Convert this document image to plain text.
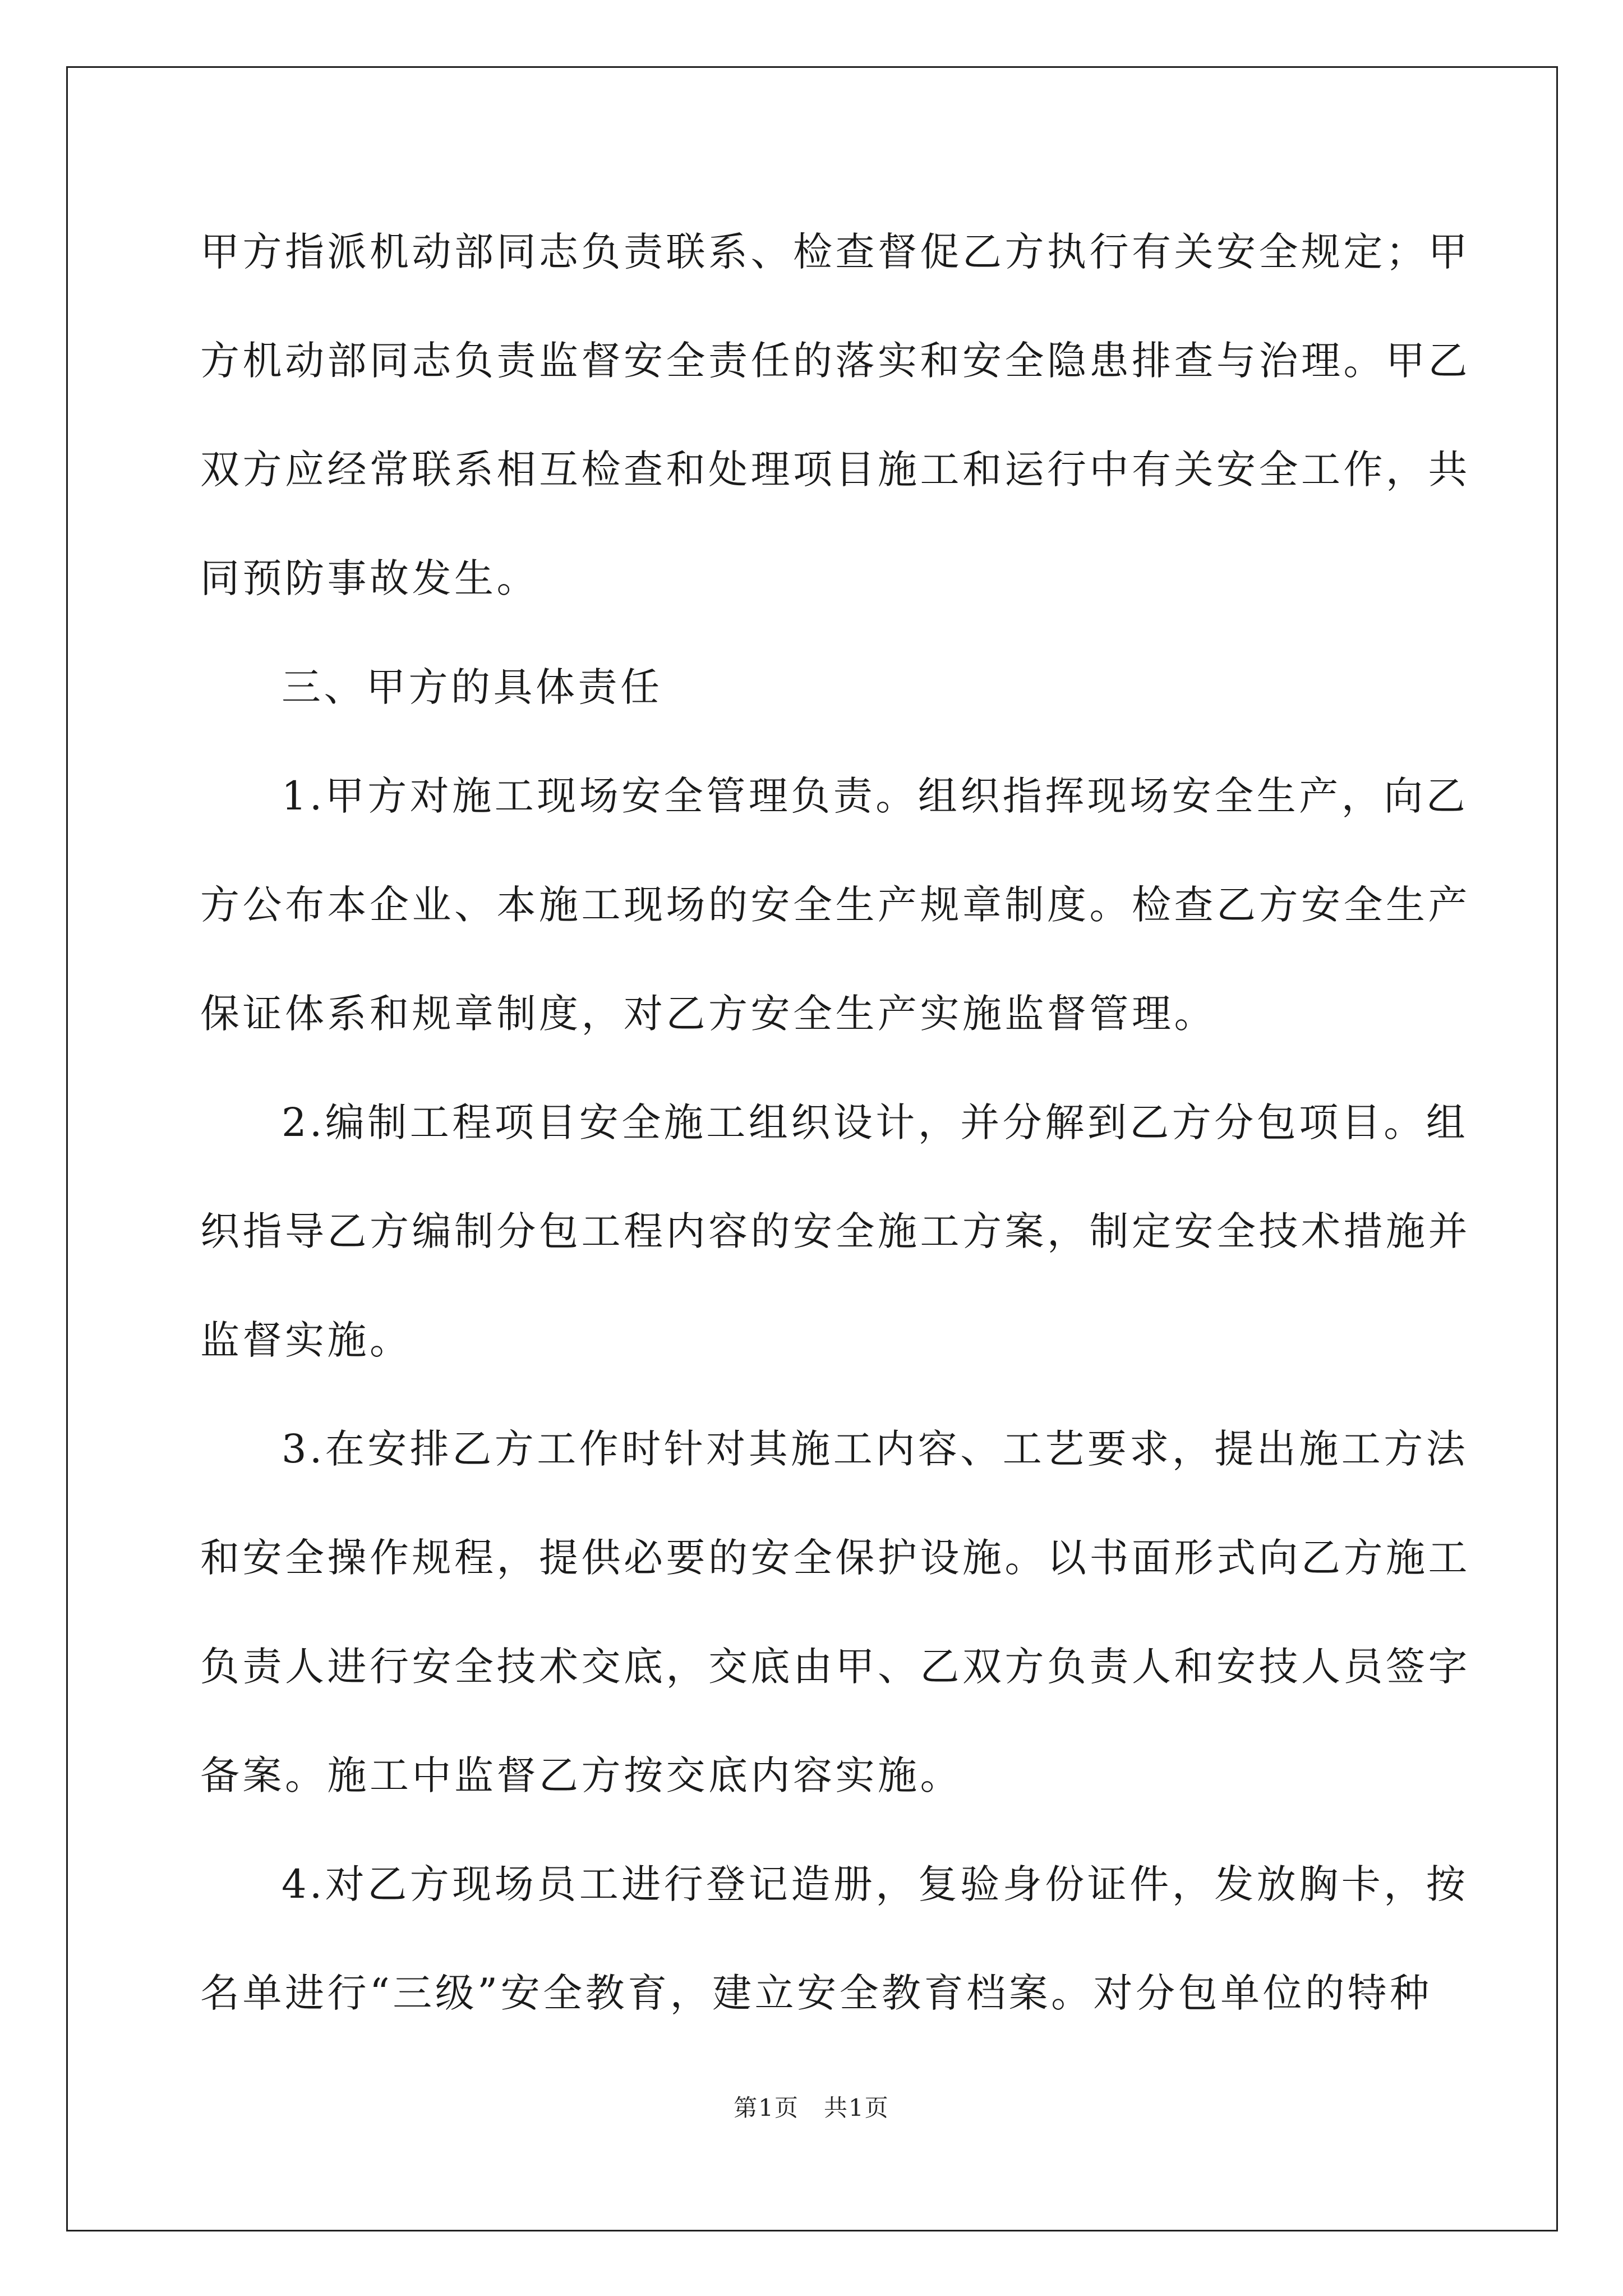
甲方指派机动部同志负责联系、检查督促乙方执行有关安全规定；甲
方机动部同志负责监督安全责任的落实和安全隐患排查与治理。甲乙
双方应经常联系相互检查和处理项目施工和运行中有关安全工作，共
同预防事故发生。
三、甲方的具体责任
1.甲方对施工现场安全管理负责。组织指挥现场安全生产，向乙
方公布本企业、本施工现场的安全生产规章制度。检查乙方安全生产
保证体系和规章制度，对乙方安全生产实施监督管理。
2.编制工程项目安全施工组织设计，并分解到乙方分包项目。组
织指导乙方编制分包工程内容的安全施工方案，制定安全技术措施并
监督实施。
3.在安排乙方工作时针对其施工内容、工艺要求，提出施工方法
和安全操作规程，提供必要的安全保护设施。以书面形式向乙方施工
负责人进行安全技术交底，交底由甲、乙双方负责人和安技人员签字
备案。施工中监督乙方按交底内容实施。
4.对乙方现场员工进行登记造册，复验身份证件，发放胸卡，按
名单进行“三级”安全教育，建立安全教育档案。对分包单位的特种
第1页　共1页
